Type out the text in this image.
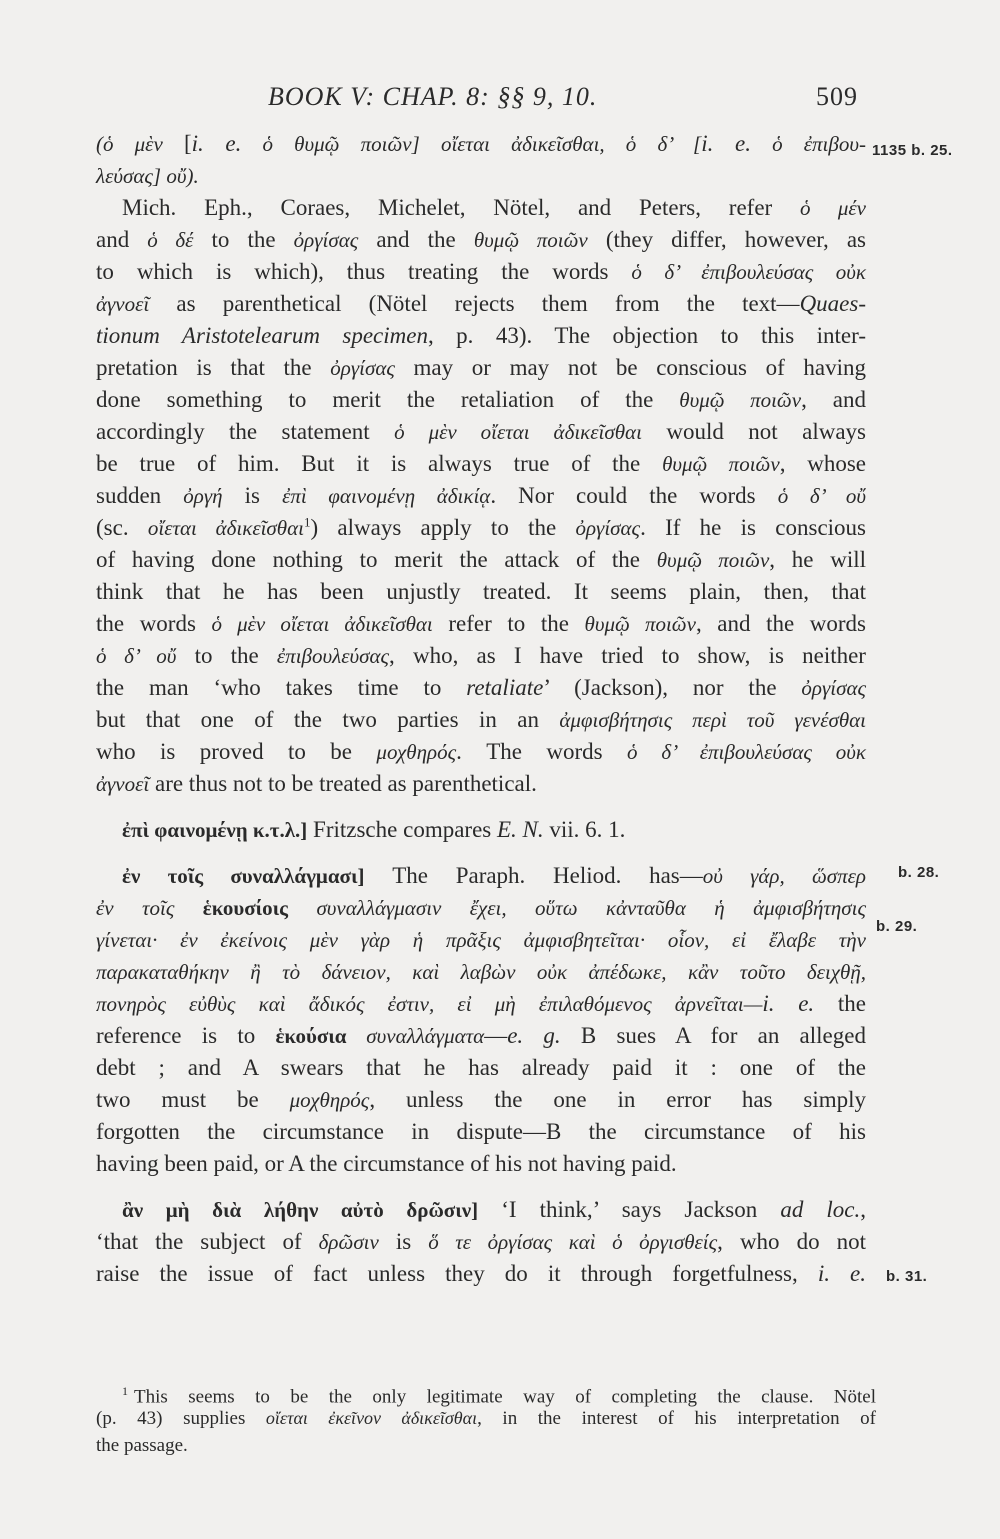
BOOK V: CHAP. 8: §§ 9, 10.	509
1135 b. 25.
b. 28.
b. 29.
b. 31.
(ὁ μὲν [i. e. ὁ θυμῷ ποιῶν] οἴεται ἀδικεῖσθαι, ὁ δ’ [i. e. ὁ ἐπιβου-
λεύσας] οὔ).
Mich. Eph., Coraes, Michelet, Nötel, and Peters, refer ὁ μέν
and ὁ δέ to the ὀργίσας and the θυμῷ ποιῶν (they differ, however, as
to which is which), thus treating the words ὁ δ’ ἐπιβουλεύσας οὐκ
ἀγνοεῖ as parenthetical (Nötel rejects them from the text—Quaes-
tionum Aristotelearum specimen, p. 43). The objection to this inter-
pretation is that the ὀργίσας may or may not be conscious of having
done something to merit the retaliation of the θυμῷ ποιῶν, and
accordingly the statement ὁ μὲν οἴεται ἀδικεῖσθαι would not always
be true of him. But it is always true of the θυμῷ ποιῶν, whose
sudden ὀργή is ἐπὶ φαινομένῃ ἀδικίᾳ. Nor could the words ὁ δ’ οὔ
(sc. οἴεται ἀδικεῖσθαι$^1$) always apply to the ὀργίσας. If he is conscious
of having done nothing to merit the attack of the θυμῷ ποιῶν, he will
think that he has been unjustly treated. It seems plain, then, that
the words ὁ μὲν οἴεται ἀδικεῖσθαι refer to the θυμῷ ποιῶν, and the words
ὁ δ’ οὔ to the ἐπιβουλεύσας, who, as I have tried to show, is neither
the man ‘who takes time to retaliate’ (Jackson), nor the ὀργίσας
but that one of the two parties in an ἀμφισβήτησις περὶ τοῦ γενέσθαι
who is proved to be μοχθηρός. The words ὁ δ’ ἐπιβουλεύσας οὐκ
ἀγνοεῖ are thus not to be treated as parenthetical.
ἐπὶ φαινομένῃ κ.τ.λ.] Fritzsche compares E. N. vii. 6. 1.
ἐν τοῖς συναλλάγμασι] The Paraph. Heliod. has—οὐ γάρ, ὥσπερ
ἐν τοῖς ἑκουσίοις συναλλάγμασιν ἔχει, οὕτω κἀνταῦθα ἡ ἀμφισβήτησις
γίνεται· ἐν ἐκείνοις μὲν γὰρ ἡ πρᾶξις ἀμφισβητεῖται· οἷον, εἰ ἔλαβε τὴν
παρακαταθήκην ἢ τὸ δάνειον, καὶ λαβὼν οὐκ ἀπέδωκε, κἂν τοῦτο δειχθῇ,
πονηρὸς εὐθὺς καὶ ἄδικός ἐστιν, εἰ μὴ ἐπιλαθόμενος ἀρνεῖται—i. e. the
reference is to ἑκούσια συναλλάγματα—e. g. B sues A for an alleged
debt ; and A swears that he has already paid it : one of the
two must be μοχθηρός, unless the one in error has simply
forgotten the circumstance in dispute—B the circumstance of his
having been paid, or A the circumstance of his not having paid.
ἂν μὴ διὰ λήθην αὐτὸ δρῶσιν] ‘I think,’ says Jackson ad loc.,
‘that the subject of δρῶσιν is ὅ τε ὀργίσας καὶ ὁ ὀργισθείς, who do not
raise the issue of fact unless they do it through forgetfulness, i. e.
$^1$ This seems to be the only legitimate way of completing the clause. Nötel
(p. 43) supplies οἴεται ἐκεῖνον ἀδικεῖσθαι, in the interest of his interpretation of
the passage.
